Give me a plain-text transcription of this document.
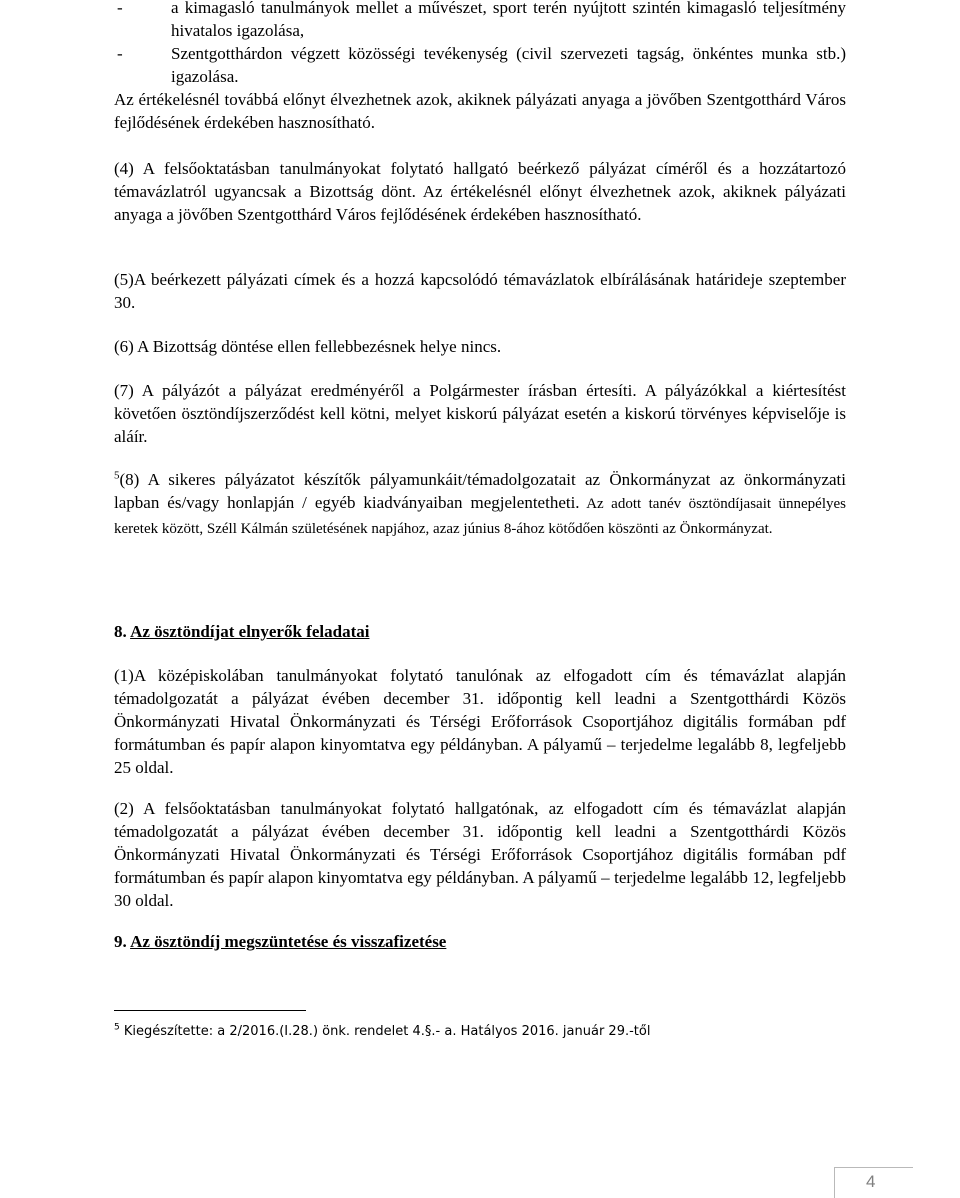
-	a kimagasló tanulmányok mellet a művészet, sport terén nyújtott szintén kimagasló teljesítmény hivatalos igazolása,
-	Szentgotthárdon végzett közösségi tevékenység (civil szervezeti tagság, önkéntes munka stb.) igazolása.

Az értékelésnél továbbá előnyt élvezhetnek azok, akiknek pályázati anyaga a jövőben Szentgotthárd Város fejlődésének érdekében hasznosítható.

(4) A felsőoktatásban tanulmányokat folytató hallgató beérkező pályázat címéről és a hozzátartozó témavázlatról ugyancsak a Bizottság dönt. Az értékelésnél előnyt élvezhetnek azok, akiknek pályázati anyaga a jövőben Szentgotthárd Város fejlődésének érdekében hasznosítható.

(5)A beérkezett pályázati címek és a hozzá kapcsolódó témavázlatok elbírálásának határideje szeptember 30.

(6) A Bizottság döntése ellen fellebbezésnek helye nincs.

(7) A pályázót a pályázat eredményéről a Polgármester írásban értesíti. A pályázókkal a kiértesítést követően ösztöndíjszerződést kell kötni, melyet kiskorú pályázat esetén a kiskorú törvényes képviselője is aláír.

$^5$(8) A sikeres pályázatot készítők pályamunkáit/témadolgozatait az Önkormányzat az önkormányzati lapban és/vagy honlapján / egyéb kiadványaiban megjelentetheti. Az adott tanév ösztöndíjasait ünnepélyes keretek között, Széll Kálmán születésének napjához, azaz június 8-ához kötődően köszönti az Önkormányzat.

8. Az ösztöndíjat elnyerők feladatai

(1)A középiskolában tanulmányokat folytató tanulónak az elfogadott cím és témavázlat alapján témadolgozatát a pályázat évében december 31. időpontig kell leadni a Szentgotthárdi Közös Önkormányzati Hivatal Önkormányzati és Térségi Erőforrások Csoportjához digitális formában pdf formátumban és papír alapon kinyomtatva egy példányban. A pályamű – terjedelme legalább 8, legfeljebb 25 oldal.

(2) A felsőoktatásban tanulmányokat folytató hallgatónak, az elfogadott cím és témavázlat alapján témadolgozatát a pályázat évében december 31. időpontig kell leadni a Szentgotthárdi Közös Önkormányzati Hivatal Önkormányzati és Térségi Erőforrások Csoportjához digitális formában pdf formátumban és papír alapon kinyomtatva egy példányban. A pályamű – terjedelme legalább 12, legfeljebb 30 oldal.

9. Az ösztöndíj megszüntetése és visszafizetése

$^5$ Kiegészítette: a 2/2016.(I.28.) önk. rendelet 4.§.- a. Hatályos 2016. január 29.-től

4
